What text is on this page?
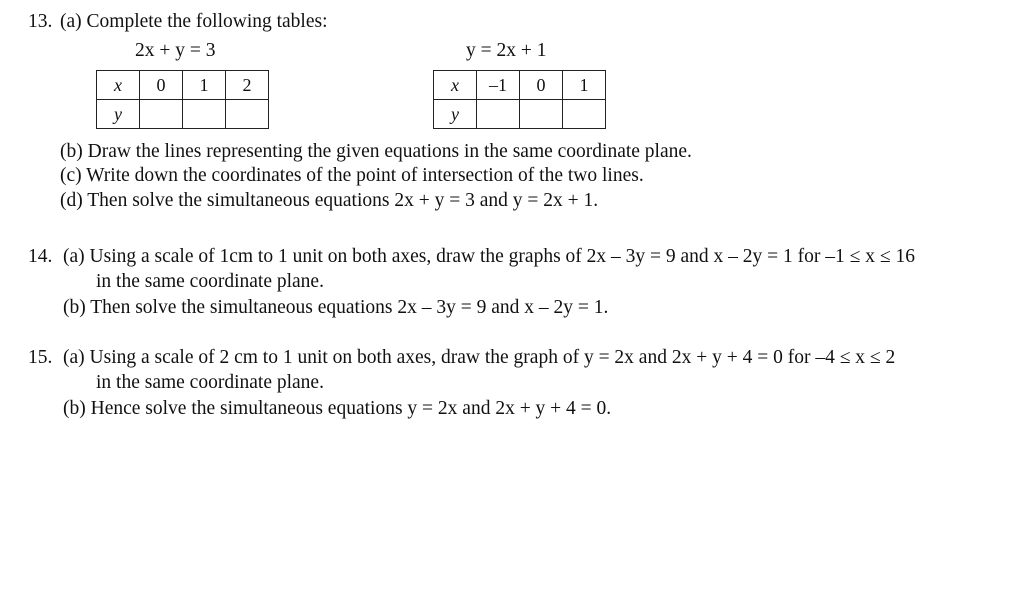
13. (a) Complete the following tables:
2x + y = 3
x	0	1	2
y			
y = 2x + 1
x	–1	0	1
y			
(b) Draw the lines representing the given equations in the same coordinate plane.
(c) Write down the coordinates of the point of intersection of the two lines.
(d) Then solve the simultaneous equations 2x + y = 3 and y = 2x + 1.
14. (a) Using a scale of 1cm to 1 unit on both axes, draw the graphs of 2x – 3y = 9 and x – 2y = 1 for –1 ≤ x ≤ 16
in the same coordinate plane.
(b) Then solve the simultaneous equations 2x – 3y = 9 and x – 2y = 1.
15. (a) Using a scale of 2 cm to 1 unit on both axes, draw the graph of y = 2x and 2x + y + 4 = 0 for –4 ≤ x ≤ 2
in the same coordinate plane.
(b) Hence solve the simultaneous equations y = 2x and 2x + y + 4 = 0.
